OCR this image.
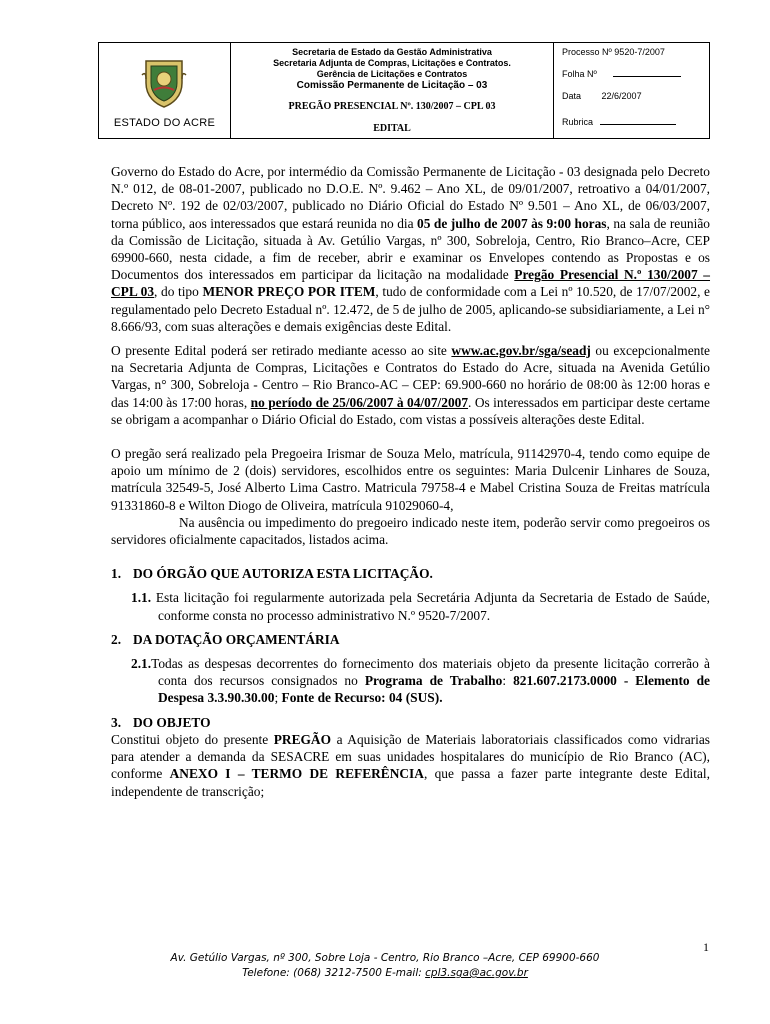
ESTADO DO ACRE
Secretaria de Estado da Gestão Administrativa
Secretaria Adjunta de Compras, Licitações e Contratos.
Gerência de Licitações e Contratos
Comissão Permanente de Licitação – 03
PREGÃO PRESENCIAL Nº. 130/2007 – CPL 03
EDITAL
Processo Nº 9520-7/2007
Folha Nº
Data 22/6/2007
Rubrica

Governo do Estado do Acre, por intermédio da Comissão Permanente de Licitação - 03 designada pelo Decreto N.º 012, de 08-01-2007, publicado no D.O.E. Nº. 9.462 – Ano XL, de 09/01/2007, retroativo a 04/01/2007, Decreto Nº. 192 de 02/03/2007, publicado no Diário Oficial do Estado Nº 9.501 – Ano XL, de 06/03/2007, torna público, aos interessados que estará reunida no dia 05 de julho de 2007 às 9:00 horas, na sala de reunião da Comissão de Licitação, situada à Av. Getúlio Vargas, nº 300, Sobreloja, Centro, Rio Branco–Acre, CEP 69900-660, nesta cidade, a fim de receber, abrir e examinar os Envelopes contendo as Propostas e os Documentos dos interessados em participar da licitação na modalidade Pregão Presencial N.º 130/2007 – CPL 03, do tipo MENOR PREÇO POR ITEM, tudo de conformidade com a Lei nº 10.520, de 17/07/2002, e regulamentado pelo Decreto Estadual nº. 12.472, de 5 de julho de 2005, aplicando-se subsidiariamente, a Lei n° 8.666/93, com suas alterações e demais exigências deste Edital.

O presente Edital poderá ser retirado mediante acesso ao site www.ac.gov.br/sga/seadj ou excepcionalmente na Secretaria Adjunta de Compras, Licitações e Contratos do Estado do Acre, situada na Avenida Getúlio Vargas, n° 300, Sobreloja - Centro – Rio Branco-AC – CEP: 69.900-660 no horário de 08:00 às 12:00 horas e das 14:00 às 17:00 horas, no período de 25/06/2007 à 04/07/2007. Os interessados em participar deste certame se obrigam a acompanhar o Diário Oficial do Estado, com vistas a possíveis alterações deste Edital.

O pregão será realizado pela Pregoeira Irismar de Souza Melo, matrícula, 91142970-4, tendo como equipe de apoio um mínimo de 2 (dois) servidores, escolhidos entre os seguintes: Maria Dulcenir Linhares de Souza, matrícula 32549-5, José Alberto Lima Castro. Matricula 79758-4 e Mabel Cristina Souza de Freitas matrícula 91331860-8 e Wilton Diogo de Oliveira, matrícula 91029060-4,

Na ausência ou impedimento do pregoeiro indicado neste item, poderão servir como pregoeiros os servidores oficialmente capacitados, listados acima.

1. DO ÓRGÃO QUE AUTORIZA ESTA LICITAÇÃO.

1.1. Esta licitação foi regularmente autorizada pela Secretária Adjunta da Secretaria de Estado de Saúde, conforme consta no processo administrativo N.º 9520-7/2007.

2. DA DOTAÇÃO ORÇAMENTÁRIA

2.1.Todas as despesas decorrentes do fornecimento dos materiais objeto da presente licitação correrão à conta dos recursos consignados no Programa de Trabalho: 821.607.2173.0000 - Elemento de Despesa 3.3.90.30.00; Fonte de Recurso: 04 (SUS).

3. DO OBJETO

Constitui objeto do presente PREGÃO a Aquisição de Materiais laboratoriais classificados como vidrarias para atender a demanda da SESACRE em suas unidades hospitalares do município de Rio Branco (AC), conforme ANEXO I – TERMO DE REFERÊNCIA, que passa a fazer parte integrante deste Edital, independente de transcrição;

1
Av. Getúlio Vargas, nº 300, Sobre Loja - Centro, Rio Branco –Acre, CEP 69900-660
Telefone: (068) 3212-7500 E-mail: cpl3.sga@ac.gov.br
